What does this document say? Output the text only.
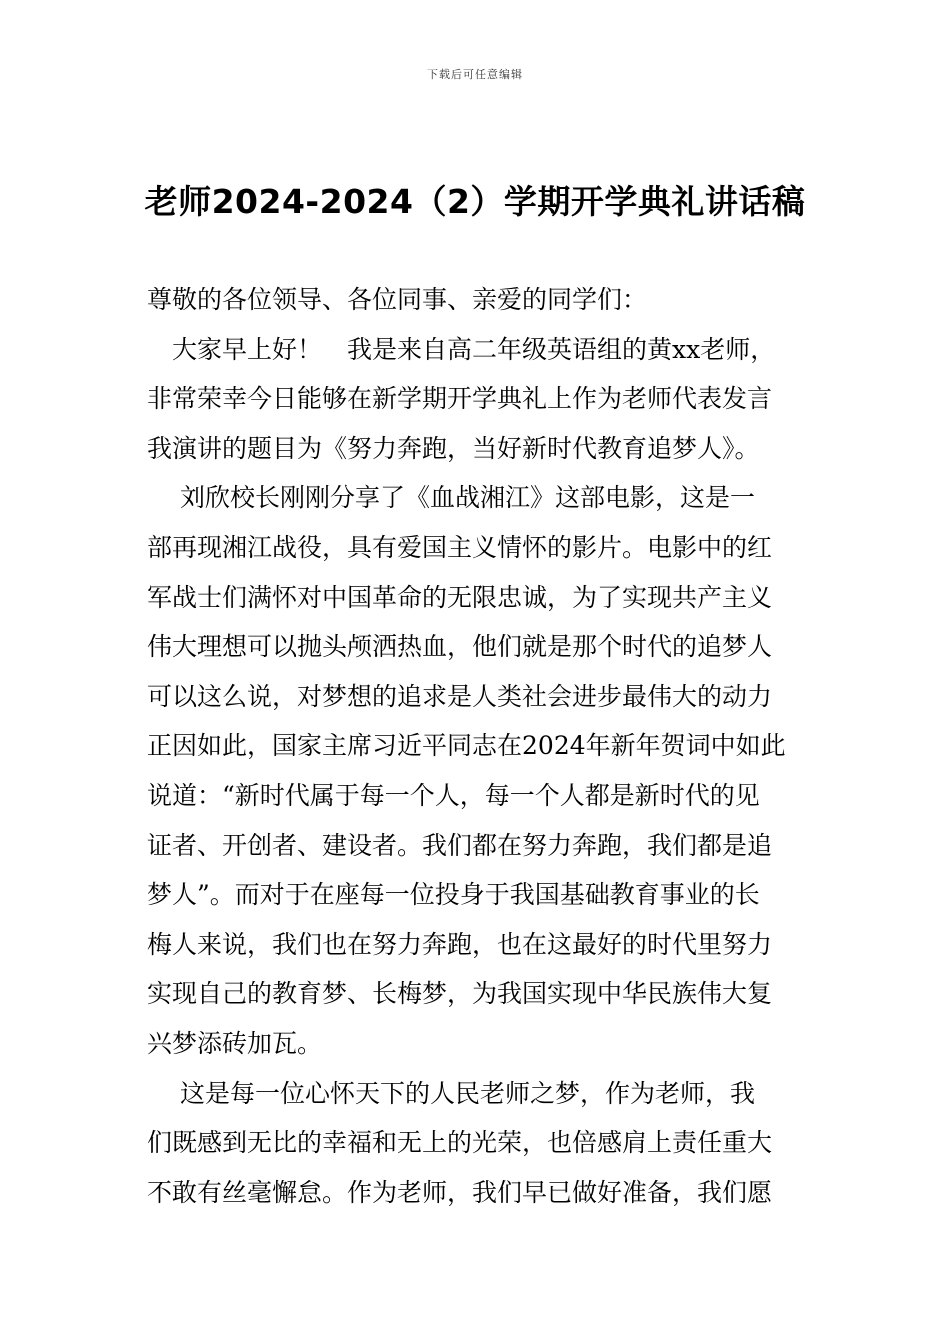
下载后可任意编辑
老师2024-2024（2）学期开学典礼讲话稿
尊敬的各位领导、各位同事、亲爱的同学们：
　大家早上好！　我是来自高二年级英语组的黄xx老师，
非常荣幸今日能够在新学期开学典礼上作为老师代表发言
我演讲的题目为《努力奔跑，当好新时代教育追梦人》。
　 刘欣校长刚刚分享了《血战湘江》这部电影，这是一
部再现湘江战役，具有爱国主义情怀的影片。电影中的红
军战士们满怀对中国革命的无限忠诚，为了实现共产主义
伟大理想可以抛头颅洒热血，他们就是那个时代的追梦人
可以这么说，对梦想的追求是人类社会进步最伟大的动力
正因如此，国家主席习近平同志在2024年新年贺词中如此
说道：“新时代属于每一个人，每一个人都是新时代的见
证者、开创者、建设者。我们都在努力奔跑，我们都是追
梦人”。而对于在座每一位投身于我国基础教育事业的长
梅人来说，我们也在努力奔跑，也在这最好的时代里努力
实现自己的教育梦、长梅梦，为我国实现中华民族伟大复
兴梦添砖加瓦。
　 这是每一位心怀天下的人民老师之梦，作为老师，我
们既感到无比的幸福和无上的光荣，也倍感肩上责任重大
不敢有丝毫懈怠。作为老师，我们早已做好准备，我们愿
